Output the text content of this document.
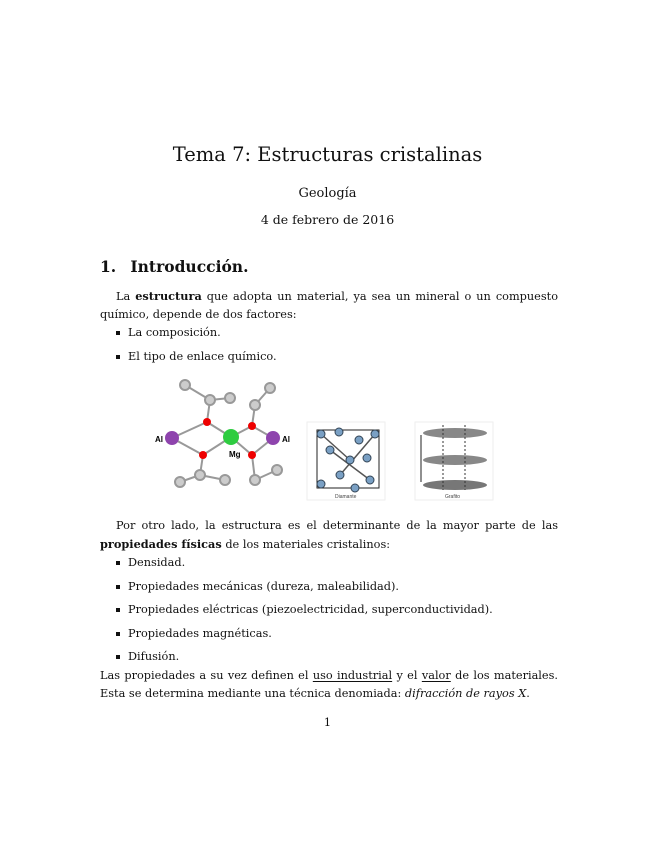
Tema 7: Estructuras cristalinas
Geología
4 de febrero de 2016
1. Introducción.
La estructura que adopta un material, ya sea un mineral o un compuesto químico, depende de dos factores:
La composición.
El tipo de enlace químico.
Al
Mg
Al
Diamante	Grafito
Por otro lado, la estructura es el determinante de la mayor parte de las propiedades físicas de los materiales cristalinos:
Densidad.
Propiedades mecánicas (dureza, maleabilidad).
Propiedades eléctricas (piezoelectricidad, superconductividad).
Propiedades magnéticas.
Difusión.
Las propiedades a su vez definen el uso industrial y el valor de los materiales. Esta se determina mediante una técnica denomiada: difracción de rayos X.
1
